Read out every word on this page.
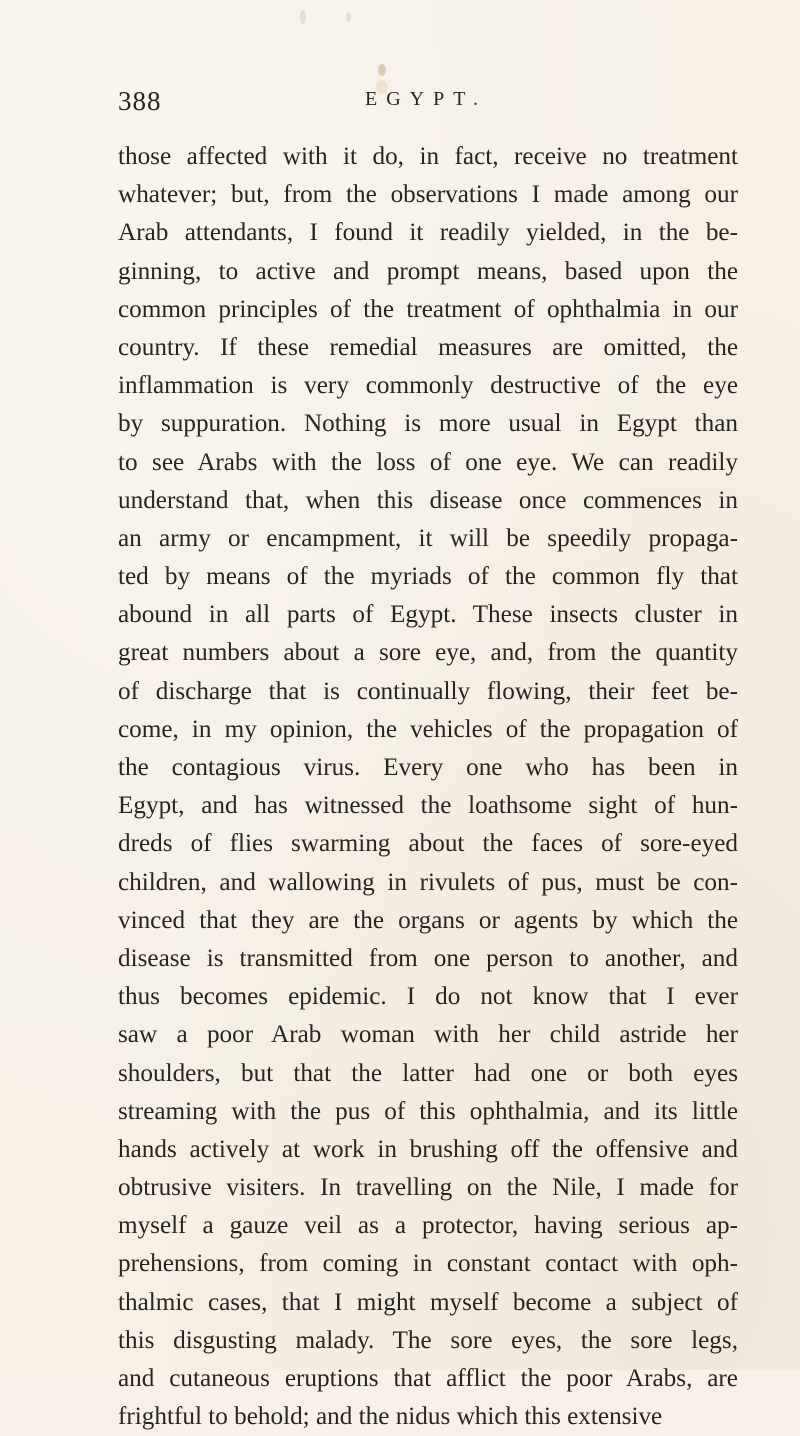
388	EGYPT.
those affected with it do, in fact, receive no treatment
whatever; but, from the observations I made among our
Arab attendants, I found it readily yielded, in the be-
ginning, to active and prompt means, based upon the
common principles of the treatment of ophthalmia in our
country. If these remedial measures are omitted, the
inflammation is very commonly destructive of the eye
by suppuration. Nothing is more usual in Egypt than
to see Arabs with the loss of one eye. We can readily
understand that, when this disease once commences in
an army or encampment, it will be speedily propaga-
ted by means of the myriads of the common fly that
abound in all parts of Egypt. These insects cluster in
great numbers about a sore eye, and, from the quantity
of discharge that is continually flowing, their feet be-
come, in my opinion, the vehicles of the propagation of
the contagious virus. Every one who has been in
Egypt, and has witnessed the loathsome sight of hun-
dreds of flies swarming about the faces of sore-eyed
children, and wallowing in rivulets of pus, must be con-
vinced that they are the organs or agents by which the
disease is transmitted from one person to another, and
thus becomes epidemic. I do not know that I ever
saw a poor Arab woman with her child astride her
shoulders, but that the latter had one or both eyes
streaming with the pus of this ophthalmia, and its little
hands actively at work in brushing off the offensive and
obtrusive visiters. In travelling on the Nile, I made for
myself a gauze veil as a protector, having serious ap-
prehensions, from coming in constant contact with oph-
thalmic cases, that I might myself become a subject of
this disgusting malady. The sore eyes, the sore legs,
and cutaneous eruptions that afflict the poor Arabs, are
frightful to behold; and the nidus which this extensive
